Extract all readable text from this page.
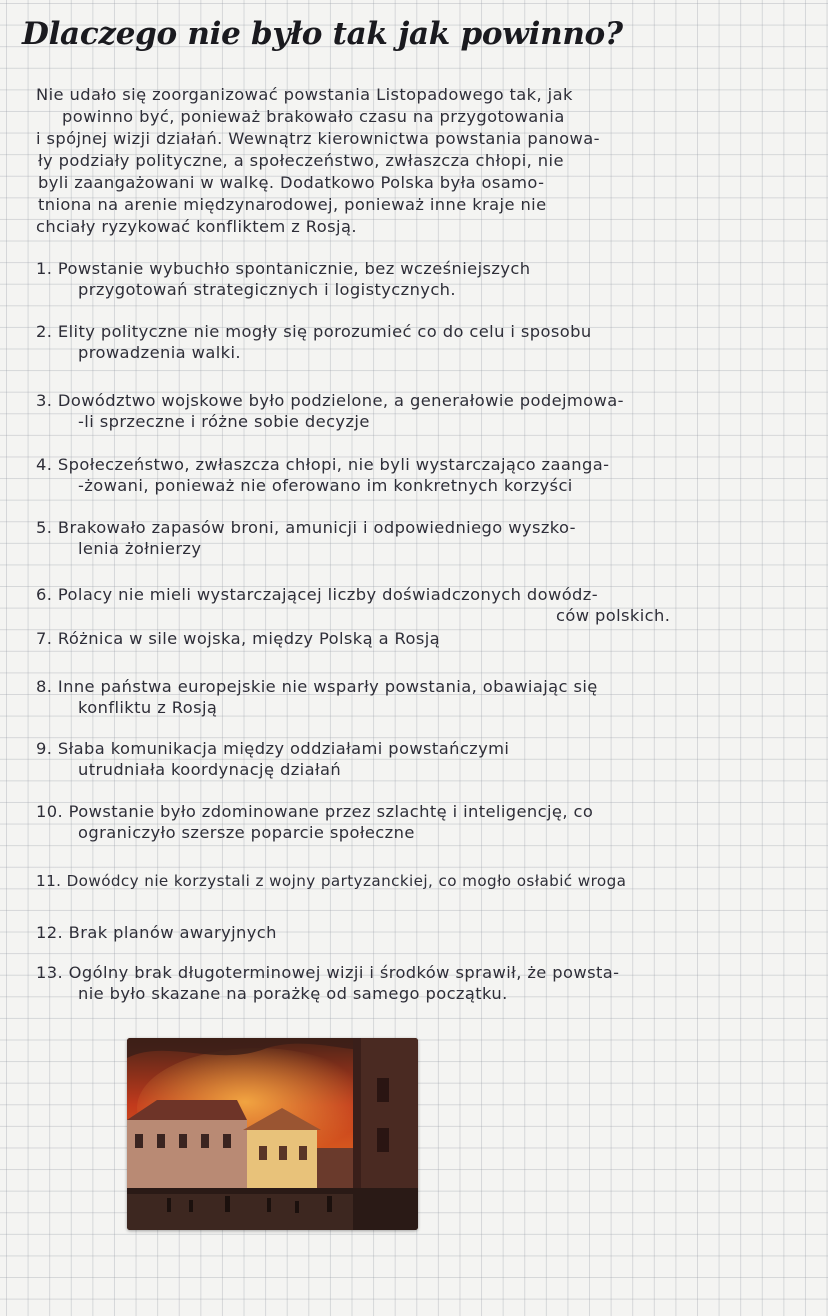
Dlaczego nie było tak jak powinno?
Nie udało się zoorganizować powstania Listopadowego tak, jak
powinno być, ponieważ brakowało czasu na przygotowania
i spójnej wizji działań. Wewnątrz kierownictwa powstania panowa-
ły podziały polityczne, a społeczeństwo, zwłaszcza chłopi, nie
byli zaangażowani w walkę. Dodatkowo Polska była osamo-
tniona na arenie międzynarodowej, ponieważ inne kraje nie
chciały ryzykować konfliktem z Rosją.
1. Powstanie wybuchło spontanicznie, bez wcześniejszych
przygotowań strategicznych i logistycznych.
2. Elity polityczne nie mogły się porozumieć co do celu i sposobu
prowadzenia walki.
3. Dowództwo wojskowe było podzielone, a generałowie podejmowa-
-li sprzeczne i różne sobie decyzje
4. Społeczeństwo, zwłaszcza chłopi, nie byli wystarczająco zaanga-
-żowani, ponieważ nie oferowano im konkretnych korzyści
5. Brakowało zapasów broni, amunicji i odpowiedniego wyszko-
lenia żołnierzy
6. Polacy nie mieli wystarczającej liczby doświadczonych dowódz-
ców polskich.
7. Różnica w sile wojska, między Polską a Rosją
8. Inne państwa europejskie nie wsparły powstania, obawiając się
konfliktu z Rosją
9. Słaba komunikacja między oddziałami powstańczymi
utrudniała koordynację działań
10. Powstanie było zdominowane przez szlachtę i inteligencję, co
ograniczyło szersze poparcie społeczne
11. Dowódcy nie korzystali z wojny partyzanckiej, co mogło osłabić wroga
12. Brak planów awaryjnych
13. Ogólny brak długoterminowej wizji i środków sprawił, że powsta-
nie było skazane na porażkę od samego początku.
